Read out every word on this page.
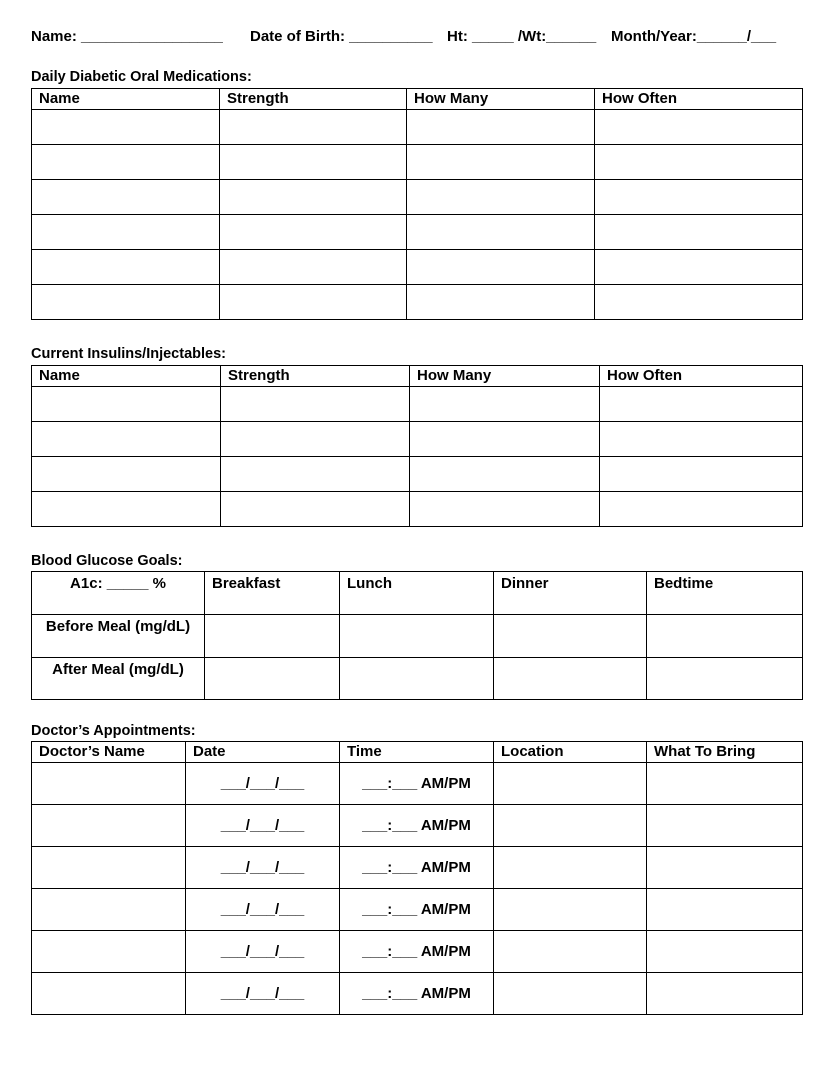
Name: _________________ Date of Birth: __________ Ht: _____ /Wt:______ Month/Year:______/___
Daily Diabetic Oral Medications:
Name	Strength	How Many	How Often

Current Insulins/Injectables:
Name	Strength	How Many	How Often

Blood Glucose Goals:
A1c: _____ %	Breakfast	Lunch	Dinner	Bedtime
Before Meal (mg/dL)				
After Meal (mg/dL)				
Doctor’s Appointments:
Doctor’s Name	Date	Time	Location	What To Bring
	___/___/___	___:___ AM/PM		
	___/___/___	___:___ AM/PM		
	___/___/___	___:___ AM/PM		
	___/___/___	___:___ AM/PM		
	___/___/___	___:___ AM/PM		
	___/___/___	___:___ AM/PM		
